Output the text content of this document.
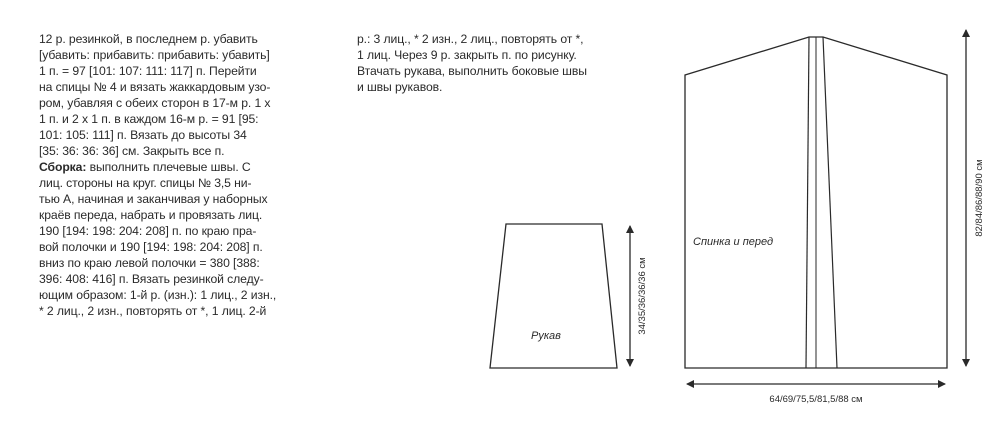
12 р. резинкой, в последнем р. убавить
[убавить: прибавить: прибавить: убавить]
1 п. = 97 [101: 107: 111: 117] п. Перейти
на спицы № 4 и вязать жаккардовым узо-
ром, убавляя с обеих сторон в 17-м р. 1 х
1 п. и 2 х 1 п. в каждом 16-м р. = 91 [95:
101: 105: 111] п. Вязать до высоты 34
[35: 36: 36: 36] см. Закрыть все п.
Сборка: выполнить плечевые швы. С
лиц. стороны на круг. спицы № 3,5 ни-
тью А, начиная и заканчивая у наборных
краёв переда, набрать и провязать лиц.
190 [194: 198: 204: 208] п. по краю пра-
вой полочки и 190 [194: 198: 204: 208] п.
вниз по краю левой полочки = 380 [388:
396: 408: 416] п. Вязать резинкой следу-
ющим образом: 1-й р. (изн.): 1 лиц., 2 изн.,
* 2 лиц., 2 изн., повторять от *, 1 лиц. 2-й
р.: 3 лиц., * 2 изн., 2 лиц., повторять от *,
1 лиц. Через 9 р. закрыть п. по рисунку.
Втачать рукава, выполнить боковые швы
и швы рукавов.
Рукав
34/35/36/36/36 см
Спинка и перед
82/84/86/88/90 см
64/69/75,5/81,5/88 см
